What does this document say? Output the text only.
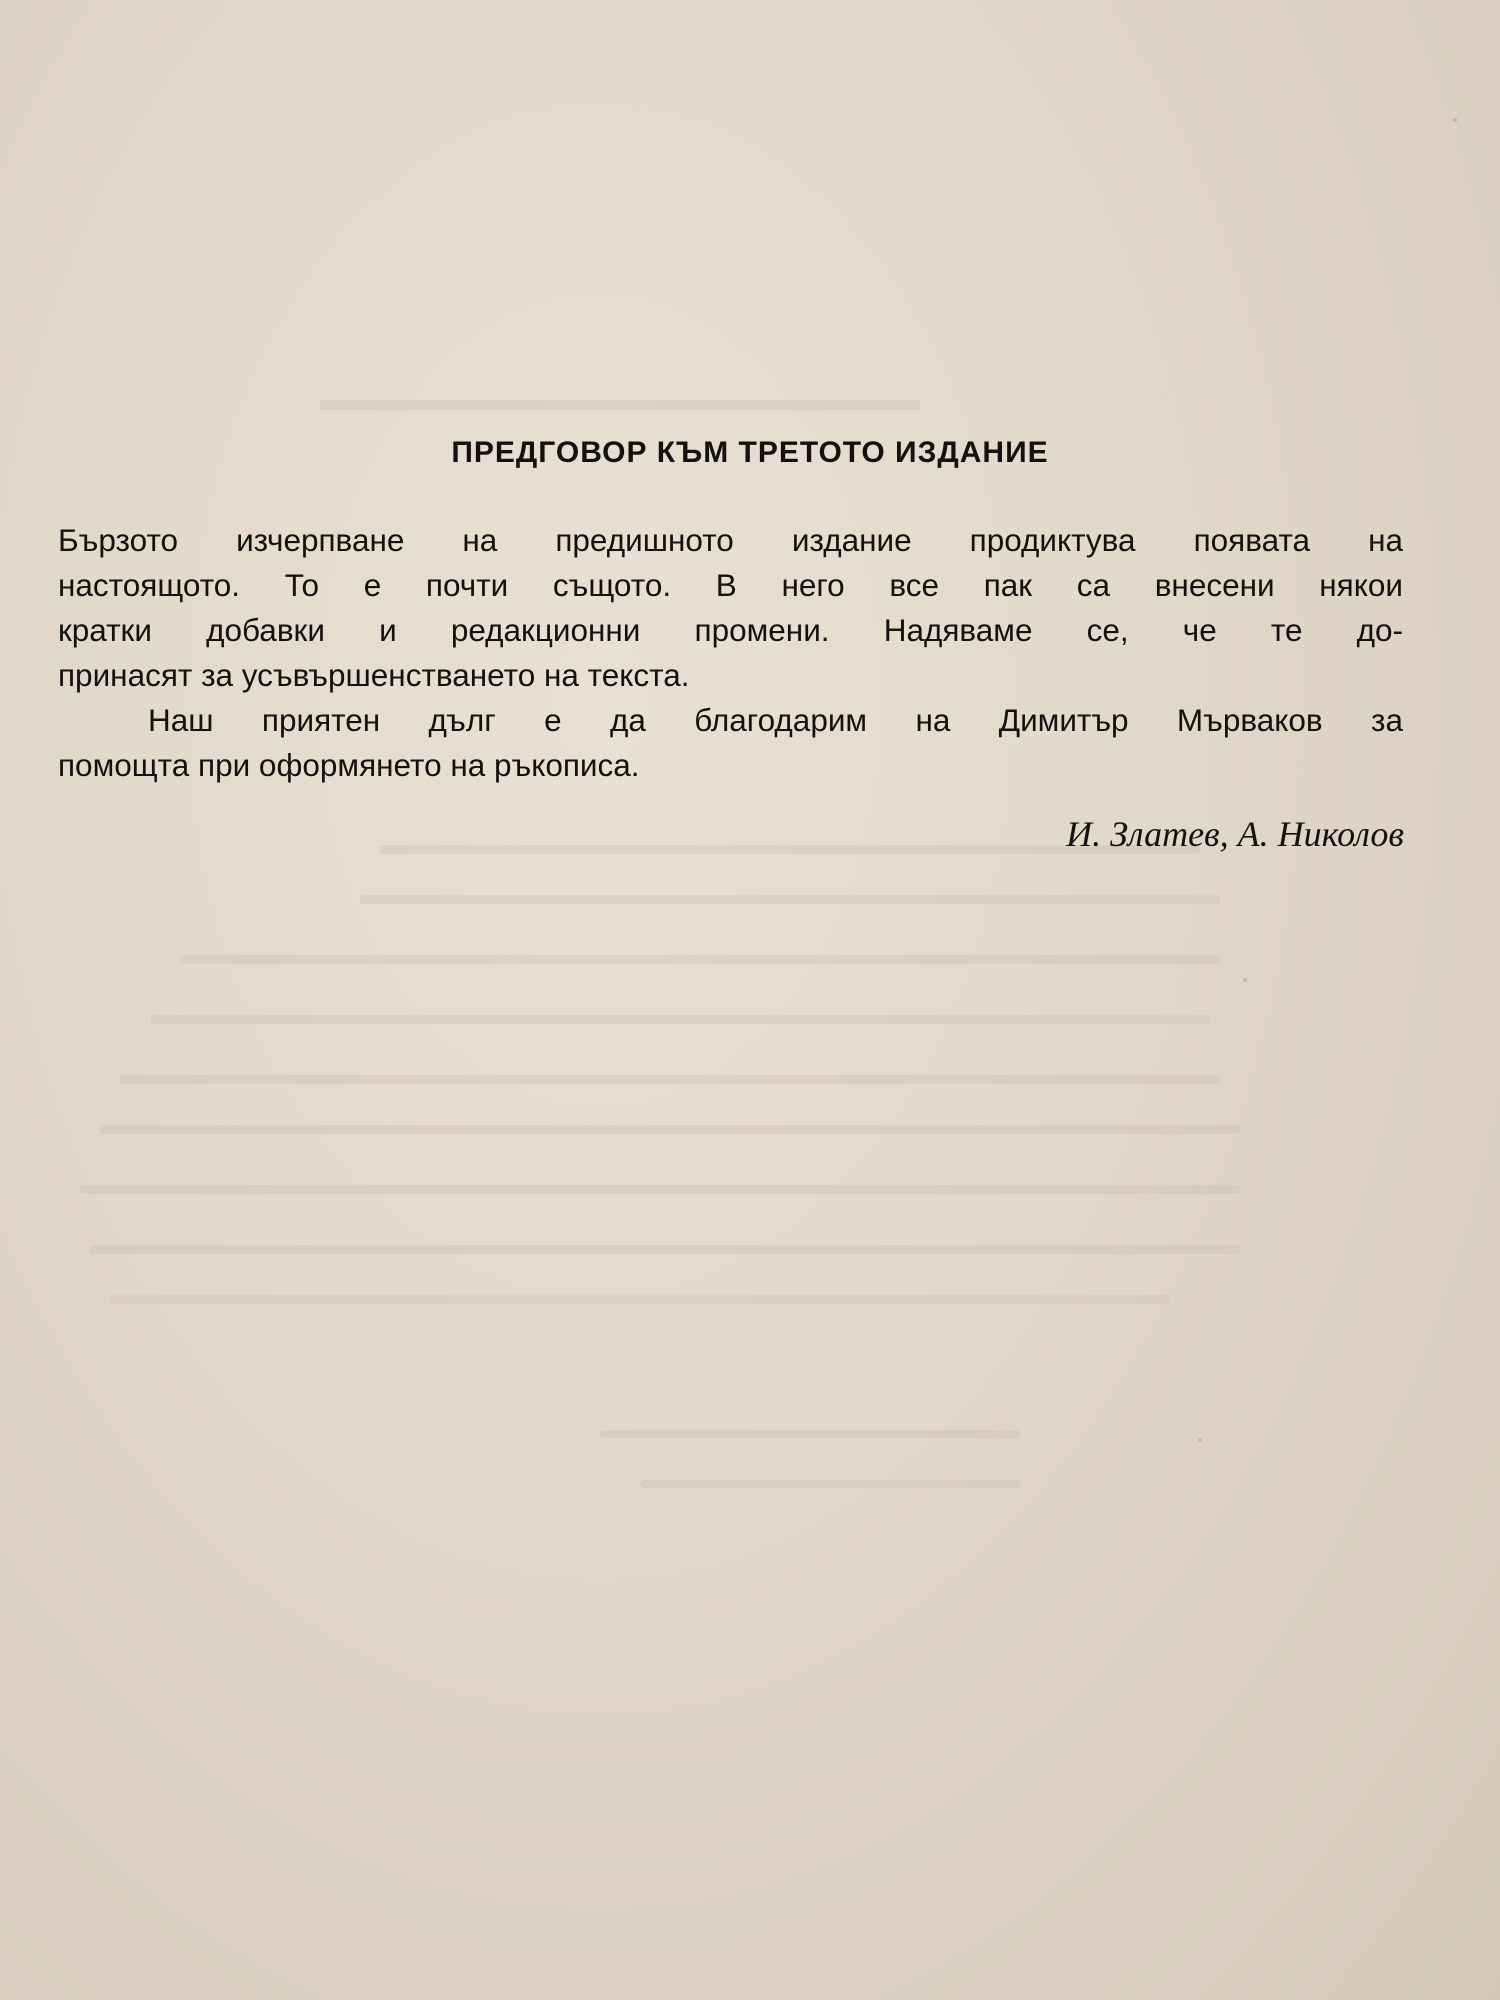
ПРЕДГОВОР КЪМ ТРЕТОТО ИЗДАНИЕ
Бързото изчерпване на предишното издание продиктува появата на
настоящото. То е почти същото. В него все пак са внесени някои
кратки добавки и редакционни промени. Надяваме се, че те до-
принасят за усъвършенстването на текста.
Наш приятен дълг е да благодарим на Димитър Мърваков за
помощта при оформянето на ръкописа.
И. Златев, А. Николов
